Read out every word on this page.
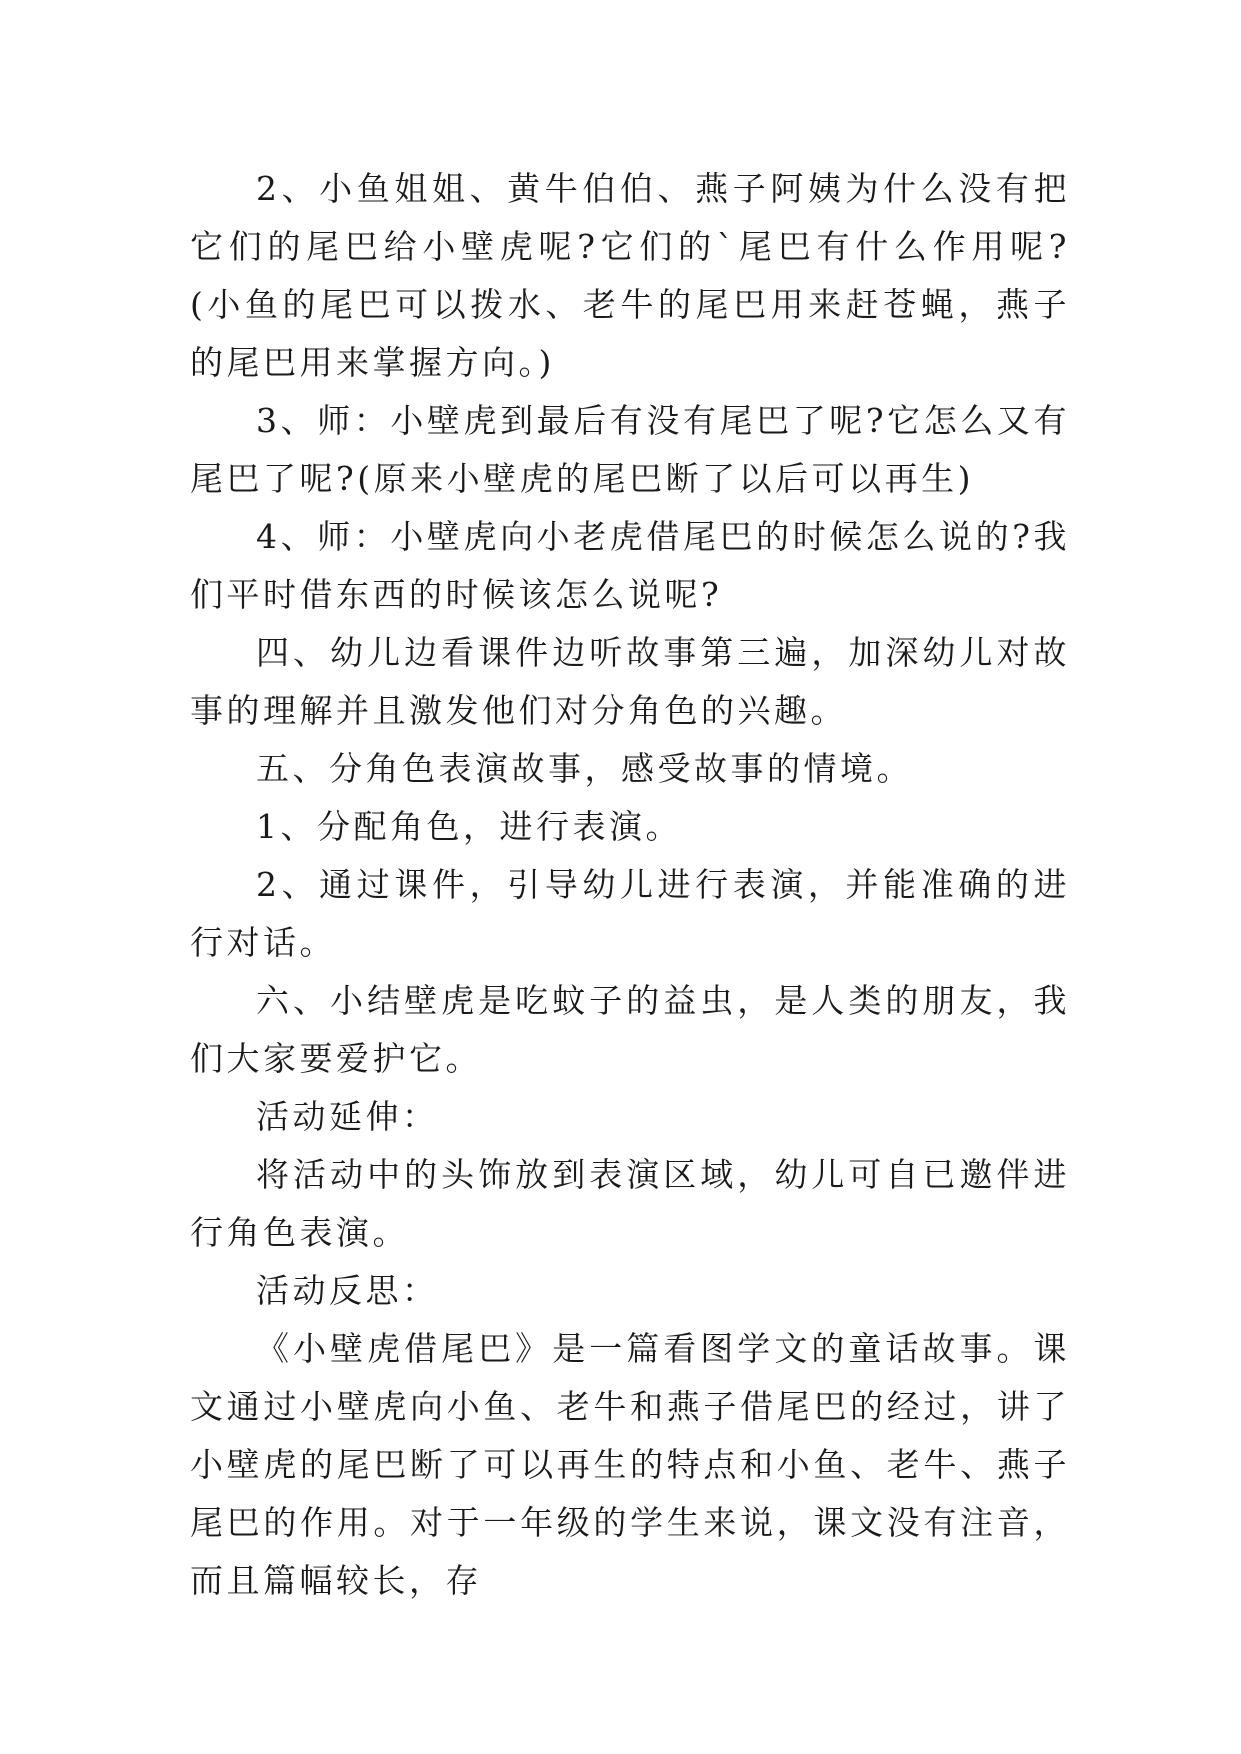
2、小鱼姐姐、黄牛伯伯、燕子阿姨为什么没有把它们的尾巴给小壁虎呢?它们的`尾巴有什么作用呢?(小鱼的尾巴可以拨水、老牛的尾巴用来赶苍蝇，燕子的尾巴用来掌握方向。)

3、师：小壁虎到最后有没有尾巴了呢?它怎么又有尾巴了呢?(原来小壁虎的尾巴断了以后可以再生)

4、师：小壁虎向小老虎借尾巴的时候怎么说的?我们平时借东西的时候该怎么说呢?

四、幼儿边看课件边听故事第三遍，加深幼儿对故事的理解并且激发他们对分角色的兴趣。

五、分角色表演故事，感受故事的情境。

1、分配角色，进行表演。

2、通过课件，引导幼儿进行表演，并能准确的进行对话。

六、小结壁虎是吃蚊子的益虫，是人类的朋友，我们大家要爱护它。

活动延伸：

将活动中的头饰放到表演区域，幼儿可自已邀伴进行角色表演。

活动反思：

《小壁虎借尾巴》是一篇看图学文的童话故事。课文通过小壁虎向小鱼、老牛和燕子借尾巴的经过，讲了小壁虎的尾巴断了可以再生的特点和小鱼、老牛、燕子尾巴的作用。对于一年级的学生来说，课文没有注音，而且篇幅较长，存
